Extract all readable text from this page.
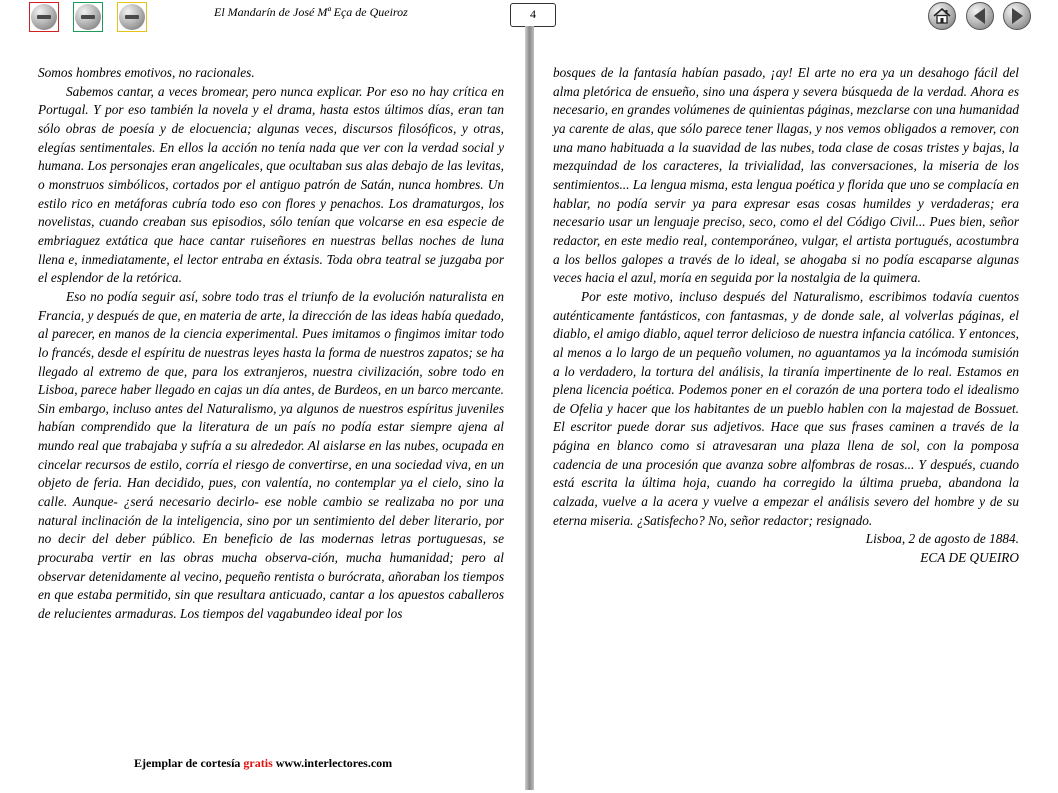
El Mandarín de José Mª Eça de Queiroz	4

Somos hombres emotivos, no racionales.

Sabemos cantar, a veces bromear, pero nunca explicar. Por eso no hay crítica en Portugal. Y por eso también la novela y el drama, hasta estos últimos días, eran tan sólo obras de poesía y de elocuencia; algunas veces, discursos filosóficos, y otras, elegías sentimentales. En ellos la acción no tenía nada que ver con la verdad social y humana. Los personajes eran angelicales, que ocultaban sus alas debajo de las levitas, o monstruos simbólicos, cortados por el antiguo patrón de Satán, nunca hombres. Un estilo rico en metáforas cubría todo eso con flores y penachos. Los dramaturgos, los novelistas, cuando creaban sus episodios, sólo tenían que volcarse en esa especie de embriaguez extática que hace cantar ruiseñores en nuestras bellas noches de luna llena e, inmediatamente, el lector entraba en éxtasis. Toda obra teatral se juzgaba por el esplendor de la retórica.

Eso no podía seguir así, sobre todo tras el triunfo de la evolución naturalista en Francia, y después de que, en materia de arte, la dirección de las ideas había quedado, al parecer, en manos de la ciencia experimental. Pues imitamos o fingimos imitar todo lo francés, desde el espíritu de nuestras leyes hasta la forma de nuestros zapatos; se ha llegado al extremo de que, para los extranjeros, nuestra civilización, sobre todo en Lisboa, parece haber llegado en cajas un día antes, de Burdeos, en un barco mercante. Sin embargo, incluso antes del Naturalismo, ya algunos de nuestros espíritus juveniles habían comprendido que la literatura de un país no podía estar siempre ajena al mundo real que trabajaba y sufría a su alrededor. Al aislarse en las nubes, ocupada en cincelar recursos de estilo, corría el riesgo de convertirse, en una sociedad viva, en un objeto de feria. Han decidido, pues, con valentía, no contemplar ya el cielo, sino la calle. Aunque- ¿será necesario decirlo- ese noble cambio se realizaba no por una natural inclinación de la inteligencia, sino por un sentimiento del deber literario, por no decir del deber público. En beneficio de las modernas letras portuguesas, se procuraba vertir en las obras mucha observa-ción, mucha humanidad; pero al observar detenidamente al vecino, pequeño rentista o burócrata, añoraban los tiempos en que estaba permitido, sin que resultara anticuado, cantar a los apuestos caballeros de relucientes armaduras. Los tiempos del vagabundeo ideal por los

bosques de la fantasía habían pasado, ¡ay! El arte no era ya un desahogo fácil del alma pletórica de ensueño, sino una áspera y severa búsqueda de la verdad. Ahora es necesario, en grandes volúmenes de quinientas páginas, mezclarse con una humanidad ya carente de alas, que sólo parece tener llagas, y nos vemos obligados a remover, con una mano habituada a la suavidad de las nubes, toda clase de cosas tristes y bajas, la mezquindad de los caracteres, la trivialidad, las conversaciones, la miseria de los sentimientos... La lengua misma, esta lengua poética y florida que uno se complacía en hablar, no podía servir ya para expresar esas cosas humildes y verdaderas; era necesario usar un lenguaje preciso, seco, como el del Código Civil... Pues bien, señor redactor, en este medio real, contemporáneo, vulgar, el artista portugués, acostumbra a los bellos galopes a través de lo ideal, se ahogaba si no podía escaparse algunas veces hacia el azul, moría en seguida por la nostalgia de la quimera.

Por este motivo, incluso después del Naturalismo, escribimos todavía cuentos auténticamente fantásticos, con fantasmas, y de donde sale, al volverlas páginas, el diablo, el amigo diablo, aquel terror delicioso de nuestra infancia católica. Y entonces, al menos a lo largo de un pequeño volumen, no aguantamos ya la incómoda sumisión a lo verdadero, la tortura del análisis, la tiranía impertinente de lo real. Estamos en plena licencia poética. Podemos poner en el corazón de una portera todo el idealismo de Ofelia y hacer que los habitantes de un pueblo hablen con la majestad de Bossuet. El escritor puede dorar sus adjetivos. Hace que sus frases caminen a través de la página en blanco como si atravesaran una plaza llena de sol, con la pomposa cadencia de una procesión que avanza sobre alfombras de rosas... Y después, cuando está escrita la última hoja, cuando ha corregido la última prueba, abandona la calzada, vuelve a la acera y vuelve a empezar el análisis severo del hombre y de su eterna miseria. ¿Satisfecho? No, señor redactor; resignado.

Lisboa, 2 de agosto de 1884.

ECA DE QUEIRO

Ejemplar de cortesía gratis www.interlectores.com
